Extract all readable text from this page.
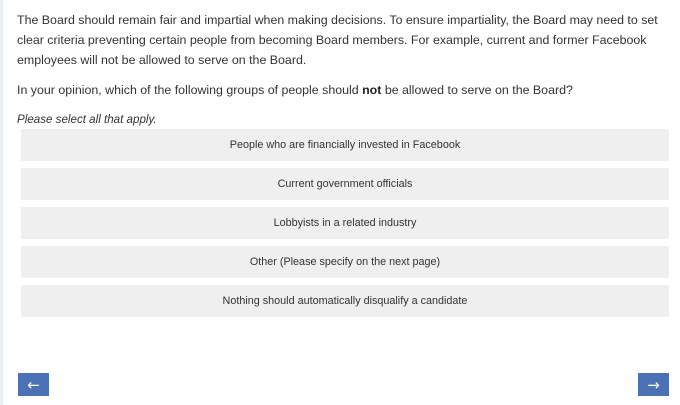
The Board should remain fair and impartial when making decisions. To ensure impartiality, the Board may need to set clear criteria preventing certain people from becoming Board members. For example, current and former Facebook employees will not be allowed to serve on the Board.

In your opinion, which of the following groups of people should not be allowed to serve on the Board?

Please select all that apply.

People who are financially invested in Facebook
Current government officials
Lobbyists in a related industry
Other (Please specify on the next page)
Nothing should automatically disqualify a candidate
←	→
